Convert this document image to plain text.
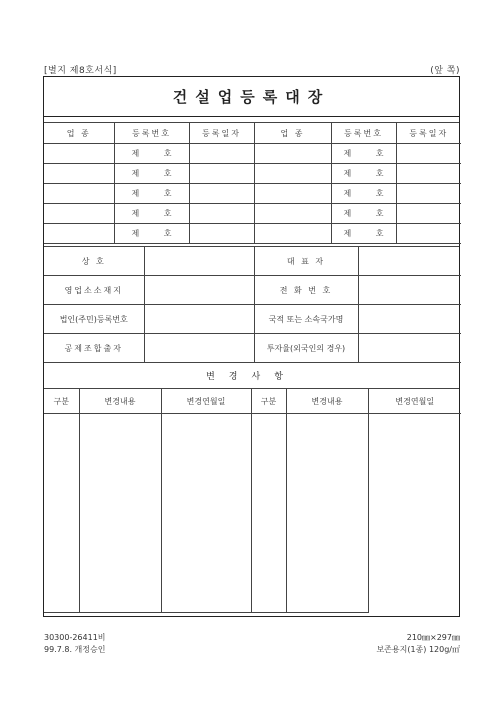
[별지 제8호서식]	(앞 쪽)
건설업등록대장
업 종	등록번호	등록일자	업 종	등록번호	등록일자
	제 호			제 호	
	제 호			제 호	
	제 호			제 호	
	제 호			제 호	
	제 호			제 호	
상 호		대 표 자	
영업소소재지		전 화 번 호	
법인(주민)등록번호		국적 또는 소속국가명	
공제조합출자		투자율(외국인의 경우)	
변경사항
구분	변경내용	변경연월일	구분	변경내용	변경연월일

30300-26411비
99.7.8. 개정승인
210㎜×297㎜
보존용지(1종) 120g/㎡
